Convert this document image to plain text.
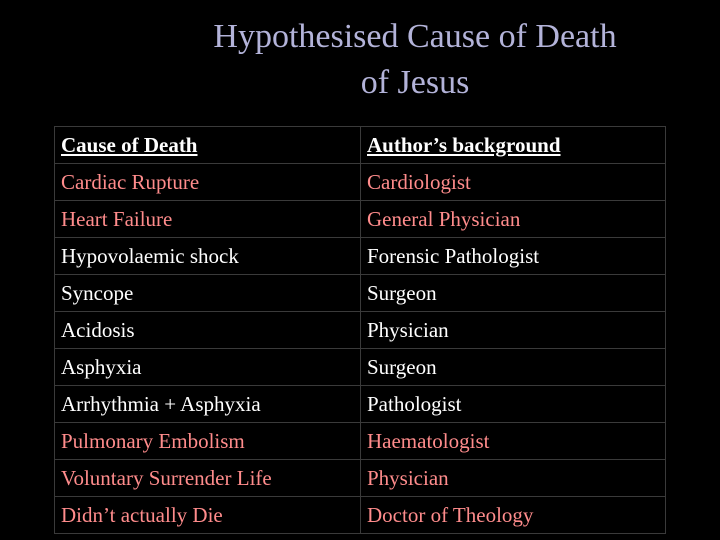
Hypothesised Cause of Death
of Jesus
Cause of Death	Author’s background
Cardiac Rupture	Cardiologist
Heart Failure	General Physician
Hypovolaemic shock	Forensic Pathologist
Syncope	Surgeon
Acidosis	Physician
Asphyxia	Surgeon
Arrhythmia + Asphyxia	Pathologist
Pulmonary Embolism	Haematologist
Voluntary Surrender Life	Physician
Didn’t actually Die	Doctor of Theology
